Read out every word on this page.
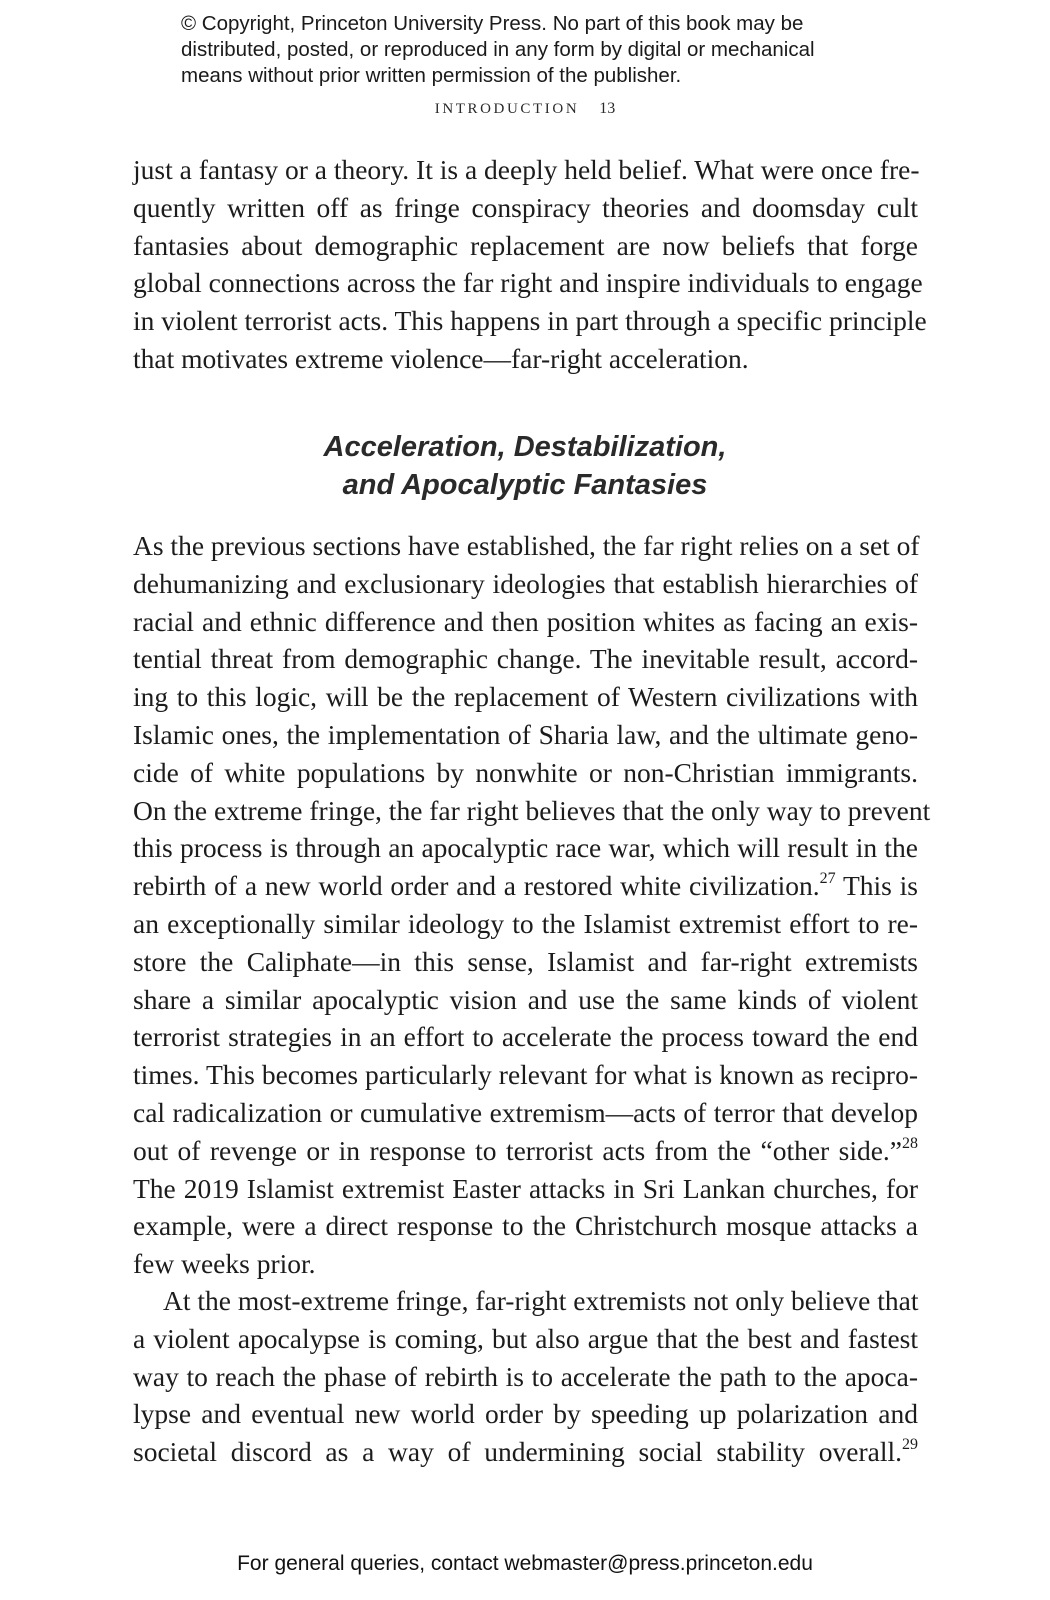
© Copyright, Princeton University Press. No part of this book may be
distributed, posted, or reproduced in any form by digital or mechanical
means without prior written permission of the publisher.
INTRODUCTION 13
just a fantasy or a theory. It is a deeply held belief. What were once fre-
quently written off as fringe conspiracy theories and doomsday cult
fantasies about demographic replacement are now beliefs that forge
global connections across the far right and inspire individuals to engage
in violent terrorist acts. This happens in part through a specific principle
that motivates extreme violence—far-right acceleration.
Acceleration, Destabilization,
and Apocalyptic Fantasies
As the previous sections have established, the far right relies on a set of
dehumanizing and exclusionary ideologies that establish hierarchies of
racial and ethnic difference and then position whites as facing an exis-
tential threat from demographic change. The inevitable result, accord-
ing to this logic, will be the replacement of Western civilizations with
Islamic ones, the implementation of Sharia law, and the ultimate geno-
cide of white populations by nonwhite or non-Christian immigrants.
On the extreme fringe, the far right believes that the only way to prevent
this process is through an apocalyptic race war, which will result in the
rebirth of a new world order and a restored white civilization.$^{27}$ This is
an exceptionally similar ideology to the Islamist extremist effort to re-
store the Caliphate—in this sense, Islamist and far-right extremists
share a similar apocalyptic vision and use the same kinds of violent
terrorist strategies in an effort to accelerate the process toward the end
times. This becomes particularly relevant for what is known as recipro-
cal radicalization or cumulative extremism—acts of terror that develop
out of revenge or in response to terrorist acts from the “other side.”$^{28}$
The 2019 Islamist extremist Easter attacks in Sri Lankan churches, for
example, were a direct response to the Christchurch mosque attacks a
few weeks prior.
At the most-extreme fringe, far-right extremists not only believe that
a violent apocalypse is coming, but also argue that the best and fastest
way to reach the phase of rebirth is to accelerate the path to the apoca-
lypse and eventual new world order by speeding up polarization and
societal discord as a way of undermining social stability overall.$^{29}$
For general queries, contact webmaster@press.princeton.edu
